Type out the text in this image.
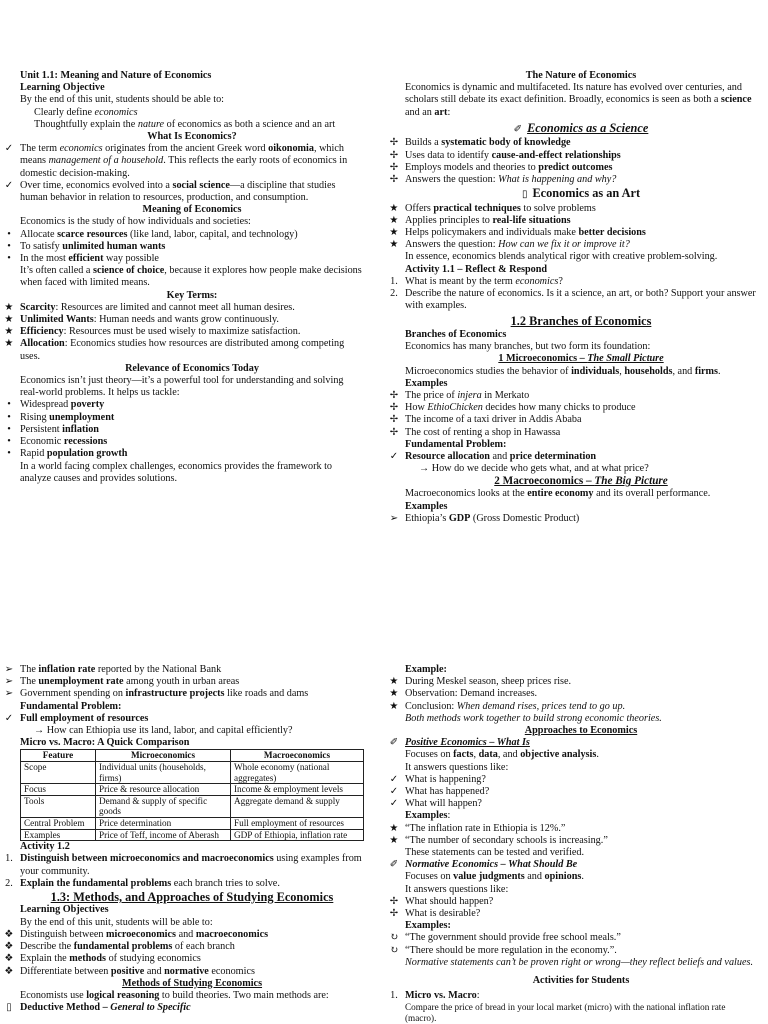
Unit 1.1: Meaning and Nature of Economics
Learning Objective
By the end of this unit, students should be able to:
Clearly define economics
Thoughtfully explain the nature of economics as both a science and an art
What Is Economics?
✓ The term economics originates from the ancient Greek word oikonomia, which means management of a household. This reflects the early roots of economics in domestic decision-making.
✓ Over time, economics evolved into a social science—a discipline that studies human behavior in relation to resources, production, and consumption.
Meaning of Economics
Economics is the study of how individuals and societies:
• Allocate scarce resources (like land, labor, capital, and technology)
• To satisfy unlimited human wants
• In the most efficient way possible
It’s often called a science of choice, because it explores how people make decisions when faced with limited means.
Key Terms:
★ Scarcity: Resources are limited and cannot meet all human desires.
★ Unlimited Wants: Human needs and wants grow continuously.
★ Efficiency: Resources must be used wisely to maximize satisfaction.
★ Allocation: Economics studies how resources are distributed among competing uses.
Relevance of Economics Today
Economics isn’t just theory—it’s a powerful tool for understanding and solving real-world problems. It helps us tackle:
• Widespread poverty
• Rising unemployment
• Persistent inflation
• Economic recessions
• Rapid population growth
In a world facing complex challenges, economics provides the framework to analyze causes and provides solutions.
The Nature of Economics
Economics is dynamic and multifaceted. Its nature has evolved over centuries, and scholars still debate its exact definition. Broadly, economics is seen as both a science and an art:
✐  Economics as a Science
✢ Builds a systematic body of knowledge
✢ Uses data to identify cause-and-effect relationships
✢ Employs models and theories to predict outcomes
✢ Answers the question: What is happening and why?
▯  Economics as an Art
★ Offers practical techniques to solve problems
★ Applies principles to real-life situations
★ Helps policymakers and individuals make better decisions
★ Answers the question: How can we fix it or improve it?
In essence, economics blends analytical rigor with creative problem-solving.
Activity 1.1 – Reflect & Respond
1. What is meant by the term economics?
2. Describe the nature of economics. Is it a science, an art, or both? Support your answer with examples.
1.2 Branches of Economics
Branches of Economics
Economics has many branches, but two form its foundation:
1 Microeconomics – The Small Picture
Microeconomics studies the behavior of individuals, households, and firms.
Examples
✢ The price of injera in Merkato
✢ How EthioChicken decides how many chicks to produce
✢ The income of a taxi driver in Addis Ababa
✢ The cost of renting a shop in Hawassa
Fundamental Problem:
✓ Resource allocation and price determination
→ How do we decide who gets what, and at what price?
2 Macroeconomics – The Big Picture
Macroeconomics looks at the entire economy and its overall performance.
Examples
➢ Ethiopia’s GDP (Gross Domestic Product)
➢ The inflation rate reported by the National Bank
➢ The unemployment rate among youth in urban areas
➢ Government spending on infrastructure projects like roads and dams
Fundamental Problem:
✓ Full employment of resources
→ How can Ethiopia use its land, labor, and capital efficiently?
Micro vs. Macro: A Quick Comparison
Feature	Microeconomics	Macroeconomics
Scope	Individual units (households, firms)	Whole economy (national aggregates)
Focus	Price & resource allocation	Income & employment levels
Tools	Demand & supply of specific goods	Aggregate demand & supply
Central Problem	Price determination	Full employment of resources
Examples	Price of Teff, income of Aberash	GDP of Ethiopia, inflation rate
Activity 1.2
1. Distinguish between microeconomics and macroeconomics using examples from your community.
2. Explain the fundamental problems each branch tries to solve.
1.3: Methods, and Approaches of Studying Economics
Learning Objectives
By the end of this unit, students will be able to:
❖ Distinguish between microeconomics and macroeconomics
❖ Describe the fundamental problems of each branch
❖ Explain the methods of studying economics
❖ Differentiate between positive and normative economics
Methods of Studying Economics
Economists use logical reasoning to build theories. Two main methods are:
▯ Deductive Method – General to Specific
Example:
★ During Meskel season, sheep prices rise.
★ Observation: Demand increases.
★ Conclusion: When demand rises, prices tend to go up.
Both methods work together to build strong economic theories.
Approaches to Economics
✐ Positive Economics – What Is
Focuses on facts, data, and objective analysis.
It answers questions like:
✓ What is happening?
✓ What has happened?
✓ What will happen?
Examples:
★ “The inflation rate in Ethiopia is 12%.”
★ “The number of secondary schools is increasing.”
These statements can be tested and verified.
✐ Normative Economics – What Should Be
Focuses on value judgments and opinions.
It answers questions like:
✢ What should happen?
✢ What is desirable?
Examples:
↻ “The government should provide free school meals.”
↻ “There should be more regulation in the economy.”.
Normative statements can’t be proven right or wrong—they reflect beliefs and values.
Activities for Students
1. Micro vs. Macro:
Compare the price of bread in your local market (micro) with the national inflation rate (macro).
